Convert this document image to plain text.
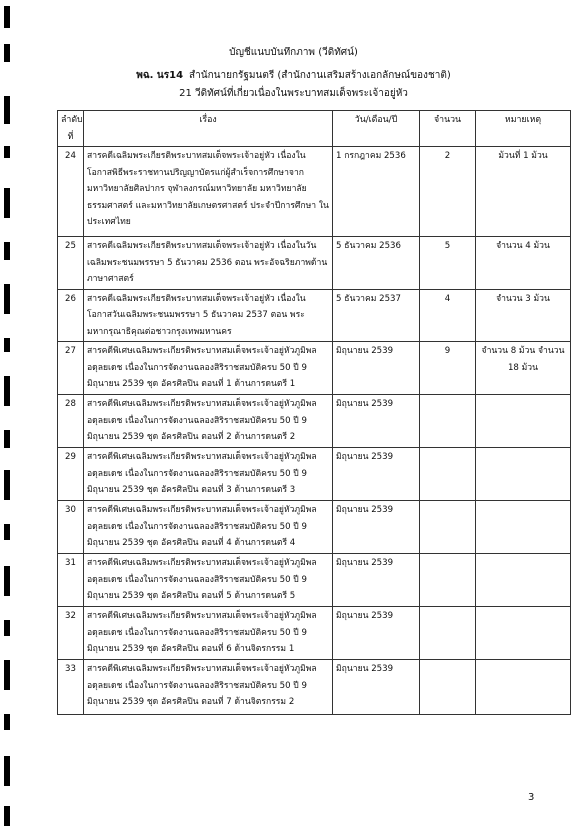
บัญชีแนบบันทึกภาพ (วีดิทัศน์)
พฉ. นร14 สำนักนายกรัฐมนตรี (สำนักงานเสริมสร้างเอกลักษณ์ของชาติ)
21 วีดิทัศน์ที่เกี่ยวเนื่องในพระบาทสมเด็จพระเจ้าอยู่หัว
ลำดับที่	เรื่อง	วัน/เดือน/ปี	จำนวน	หมายเหตุ
24	สารคดีเฉลิมพระเกียรติพระบาทสมเด็จพระเจ้าอยู่หัว เนื่องในโอกาสพิธีพระราชทานปริญญาบัตรแก่ผู้สำเร็จการศึกษาจากมหาวิทยาลัยศิลปากร จุฬาลงกรณ์มหาวิทยาลัย มหาวิทยาลัยธรรมศาสตร์ และมหาวิทยาลัยเกษตรศาสตร์ ประจำปีการศึกษา ในประเทศไทย	1 กรกฎาคม 2536	2	ม้วนที่ 1 ม้วน
25	สารคดีเฉลิมพระเกียรติพระบาทสมเด็จพระเจ้าอยู่หัว เนื่องในวันเฉลิมพระชนมพรรษา 5 ธันวาคม 2536 ตอน พระอัจฉริยภาพด้านภาษาศาสตร์	5 ธันวาคม 2536	5	จำนวน 4 ม้วน
26	สารคดีเฉลิมพระเกียรติพระบาทสมเด็จพระเจ้าอยู่หัว เนื่องในโอกาสวันเฉลิมพระชนมพรรษา 5 ธันวาคม 2537 ตอน พระมหากรุณาธิคุณต่อชาวกรุงเทพมหานคร	5 ธันวาคม 2537	4	จำนวน 3 ม้วน
27	สารคดีพิเศษเฉลิมพระเกียรติพระบาทสมเด็จพระเจ้าอยู่หัวภูมิพลอดุลยเดช เนื่องในการจัดงานฉลองสิริราชสมบัติครบ 50 ปี 9 มิถุนายน 2539 ชุด อัครศิลปิน ตอนที่ 1 ด้านการดนตรี 1	มิถุนายน 2539	9	จำนวน 8 ม้วน จำนวน 18 ม้วน
28	สารคดีพิเศษเฉลิมพระเกียรติพระบาทสมเด็จพระเจ้าอยู่หัวภูมิพลอดุลยเดช เนื่องในการจัดงานฉลองสิริราชสมบัติครบ 50 ปี 9 มิถุนายน 2539 ชุด อัครศิลปิน ตอนที่ 2 ด้านการดนตรี 2	มิถุนายน 2539		
29	สารคดีพิเศษเฉลิมพระเกียรติพระบาทสมเด็จพระเจ้าอยู่หัวภูมิพลอดุลยเดช เนื่องในการจัดงานฉลองสิริราชสมบัติครบ 50 ปี 9 มิถุนายน 2539 ชุด อัครศิลปิน ตอนที่ 3 ด้านการดนตรี 3	มิถุนายน 2539		
30	สารคดีพิเศษเฉลิมพระเกียรติพระบาทสมเด็จพระเจ้าอยู่หัวภูมิพลอดุลยเดช เนื่องในการจัดงานฉลองสิริราชสมบัติครบ 50 ปี 9 มิถุนายน 2539 ชุด อัครศิลปิน ตอนที่ 4 ด้านการดนตรี 4	มิถุนายน 2539		
31	สารคดีพิเศษเฉลิมพระเกียรติพระบาทสมเด็จพระเจ้าอยู่หัวภูมิพลอดุลยเดช เนื่องในการจัดงานฉลองสิริราชสมบัติครบ 50 ปี 9 มิถุนายน 2539 ชุด อัครศิลปิน ตอนที่ 5 ด้านการดนตรี 5	มิถุนายน 2539		
32	สารคดีพิเศษเฉลิมพระเกียรติพระบาทสมเด็จพระเจ้าอยู่หัวภูมิพลอดุลยเดช เนื่องในการจัดงานฉลองสิริราชสมบัติครบ 50 ปี 9 มิถุนายน 2539 ชุด อัครศิลปิน ตอนที่ 6 ด้านจิตรกรรม 1	มิถุนายน 2539		
33	สารคดีพิเศษเฉลิมพระเกียรติพระบาทสมเด็จพระเจ้าอยู่หัวภูมิพลอดุลยเดช เนื่องในการจัดงานฉลองสิริราชสมบัติครบ 50 ปี 9 มิถุนายน 2539 ชุด อัครศิลปิน ตอนที่ 7 ด้านจิตรกรรม 2	มิถุนายน 2539		
3
